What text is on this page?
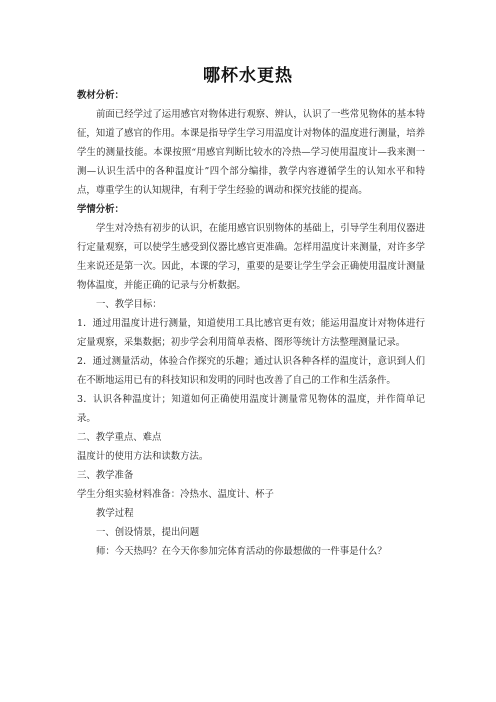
哪杯水更热

教材分析：

前面已经学过了运用感官对物体进行观察、辨认，认识了一些常见物体的基本特征，知道了感官的作用。本课是指导学生学习用温度计对物体的温度进行测量，培养学生的测量技能。本课按照“用感官判断比较水的冷热—学习使用温度计—我来测一测—认识生活中的各种温度计”四个部分编排，教学内容遵循学生的认知水平和特点，尊重学生的认知规律，有利于学生经验的调动和探究技能的提高。

学情分析：

学生对冷热有初步的认识，在能用感官识别物体的基础上，引导学生利用仪器进行定量观察，可以使学生感受到仪器比感官更准确。怎样用温度计来测量，对许多学生来说还是第一次。因此，本课的学习，重要的是要让学生学会正确使用温度计测量物体温度，并能正确的记录与分析数据。

一、教学目标：

1．通过用温度计进行测量，知道使用工具比感官更有效；能运用温度计对物体进行定量观察，采集数据；初步学会利用简单表格、图形等统计方法整理测量记录。

2．通过测量活动，体验合作探究的乐趣；通过认识各种各样的温度计，意识到人们在不断地运用已有的科技知识和发明的同时也改善了自己的工作和生活条件。

3．认识各种温度计；知道如何正确使用温度计测量常见物体的温度，并作简单记录。

二、教学重点、难点

温度计的使用方法和读数方法。

三、教学准备

学生分组实验材料准备：冷热水、温度计、杯子

教学过程

一、创设情景，提出问题

师：今天热吗？在今天你参加完体育活动的你最想做的一件事是什么？
